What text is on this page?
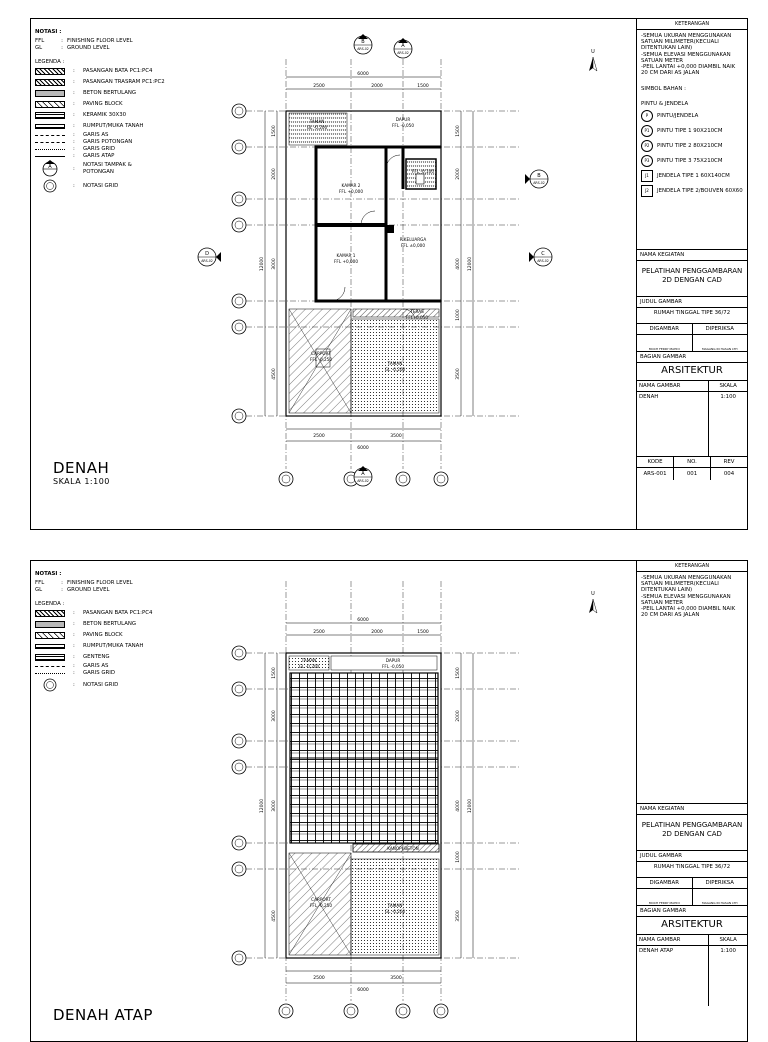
NOTASI :
FFL	: FINISHING FLOOR LEVEL
GL	: GROUND LEVEL
LEGENDA :
:	PASANGAN BATA PC1:PC4
:	PASANGAN TRASRAM PC1:PC2
:	BETON BERTULANG
:	PAVING BLOCK
:	KERAMIK 30X30
:	RUMPUT/MUKA TANAH
:	GARIS AS
:	GARIS POTONGAN
:	GARIS GRID
:	GARIS ATAP
A	:
NOTASI TAMPAK & POTONGAN
:	NOTASI GRID
6000
2500	2000	1500
2500	3500
6000
1500
2000
3000
4500
12000
1500
2000
4000
1000
3500
12000
TAMAN
GL -0,200
DAPUR
FFL -0,050
FFL -0,100
KAMAR 2
FFL +0,000
KAMAR 1
FFL +0,000
R.KELUARGA
FFL ±0,000
TERAS
FFL -0,050
CARPORT
FFL -0,250
TAMAN
GL -0,200
B
ARS-02	A
ARS-02
B
ARS-02
C
ARS-02
D
ARS-02
A
ARS-02
U
DENAH
SKALA 1:100
KETERANGAN
-SEMUA UKURAN MENGGUNAKAN SATUAN MILIMETER(KECUALI DITENTUKAN LAIN)
-SEMUA ELEVASI MENGGUNAKAN SATUAN METER
-PEIL LANTAI +0,000 DIAMBIL NAIK 20 CM DARI AS JALAN
SIMBOL BAHAN :
PINTU & JENDELA
P	PINTU/JENDELA
P1	PINTU TIPE 1 90X210CM
P2	PINTU TIPE 2 80X210CM
P3	PINTU TIPE 3 75X210CM
J1	JENDELA TIPE 1 60X140CM
J2	JENDELA TIPE 2/BOUVEN 60X60
NAMA KEGIATAN
PELATIHAN PENGGAMBARAN 2D DENGAN CAD
JUDUL GAMBAR
RUMAH TINGGAL TIPE 36/72
DIGAMBAR	DIPERIKSA
MOCH FERRY MAHDI	MAGANG IN HASAN LTH
BAGIAN GAMBAR
ARSITEKTUR
NAMA GAMBAR	SKALA
DENAH	1:100
KODE	NO.	REV
ARS-001	001	004
NOTASI :
FFL	: FINISHING FLOOR LEVEL
GL	: GROUND LEVEL
LEGENDA :
:	PASANGAN BATA PC1:PC4
:	BETON BERTULANG
:	PAVING BLOCK
:	RUMPUT/MUKA TANAH
:	GENTENG
:	GARIS AS
:	GARIS GRID
:	NOTASI GRID
6000
2500	2000	1500
2500	3500
6000
1500
3000
3000
4500
12000
1500
2000
4000
1000
3500
12000
TAMAN
GL -0,200
DAPUR
FFL -0,050
KANOPI BETON
CARPORT
FFL -0,250	TAMAN
GL -0,200
U
DENAH ATAP
KETERANGAN
-SEMUA UKURAN MENGGUNAKAN SATUAN MILIMETER(KECUALI DITENTUKAN LAIN)
-SEMUA ELEVASI MENGGUNAKAN SATUAN METER
-PEIL LANTAI +0,000 DIAMBIL NAIK 20 CM DARI AS JALAN
NAMA KEGIATAN
PELATIHAN PENGGAMBARAN 2D DENGAN CAD
JUDUL GAMBAR
RUMAH TINGGAL TIPE 36/72
DIGAMBAR	DIPERIKSA
MOCH FERRY MAHDI	MAGANG IN HASAN LTH
BAGIAN GAMBAR
ARSITEKTUR
NAMA GAMBAR	SKALA
DENAH ATAP	1:100
